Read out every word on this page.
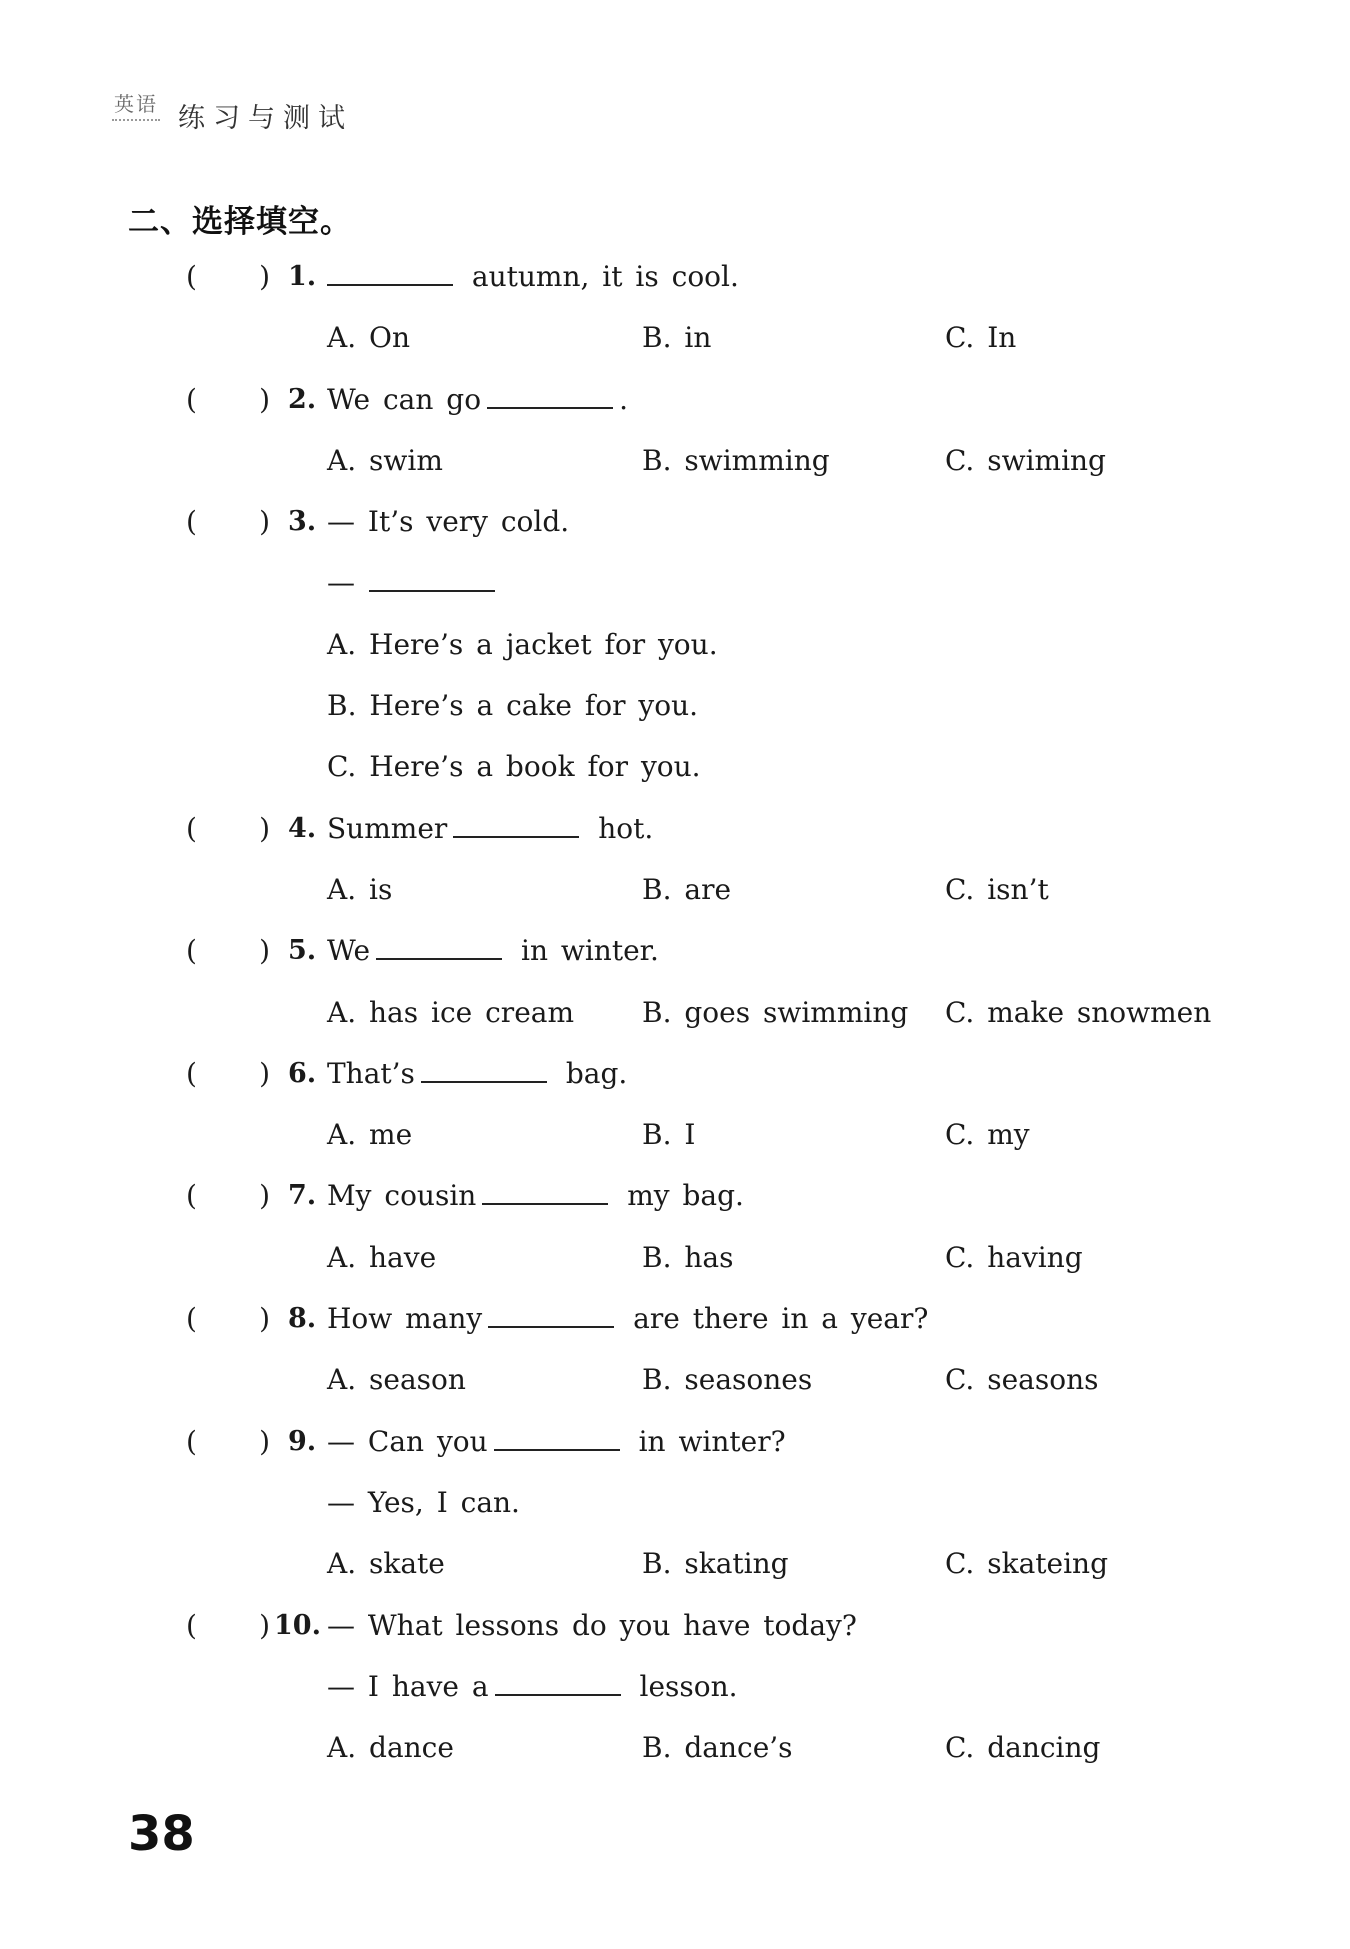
英语 练习与测试
二、选择填空。
( ) 1.	autumn, it is cool.
A. On	B. in	C. In
( ) 2. We can go	.
A. swim	B. swimming	C. swiming
( ) 3. — It’s very cold.
—
A. Here’s a jacket for you.
B. Here’s a cake for you.
C. Here’s a book for you.
( ) 4. Summer	hot.
A. is	B. are	C. isn’t
( ) 5. We	in winter.
A. has ice cream B. goes swimming C. make snowmen
( ) 6. That’s	bag.
A. me	B. I	C. my
( ) 7. My cousin	my bag.
A. have	B. has	C. having
( ) 8. How many	are there in a year?
A. season	B. seasones	C. seasons
( ) 9. — Can you	in winter?
— Yes, I can.
A. skate	B. skating	C. skateing
( ) 10. — What lessons do you have today?
— I have a	lesson.
A. dance	B. dance’s	C. dancing
38
